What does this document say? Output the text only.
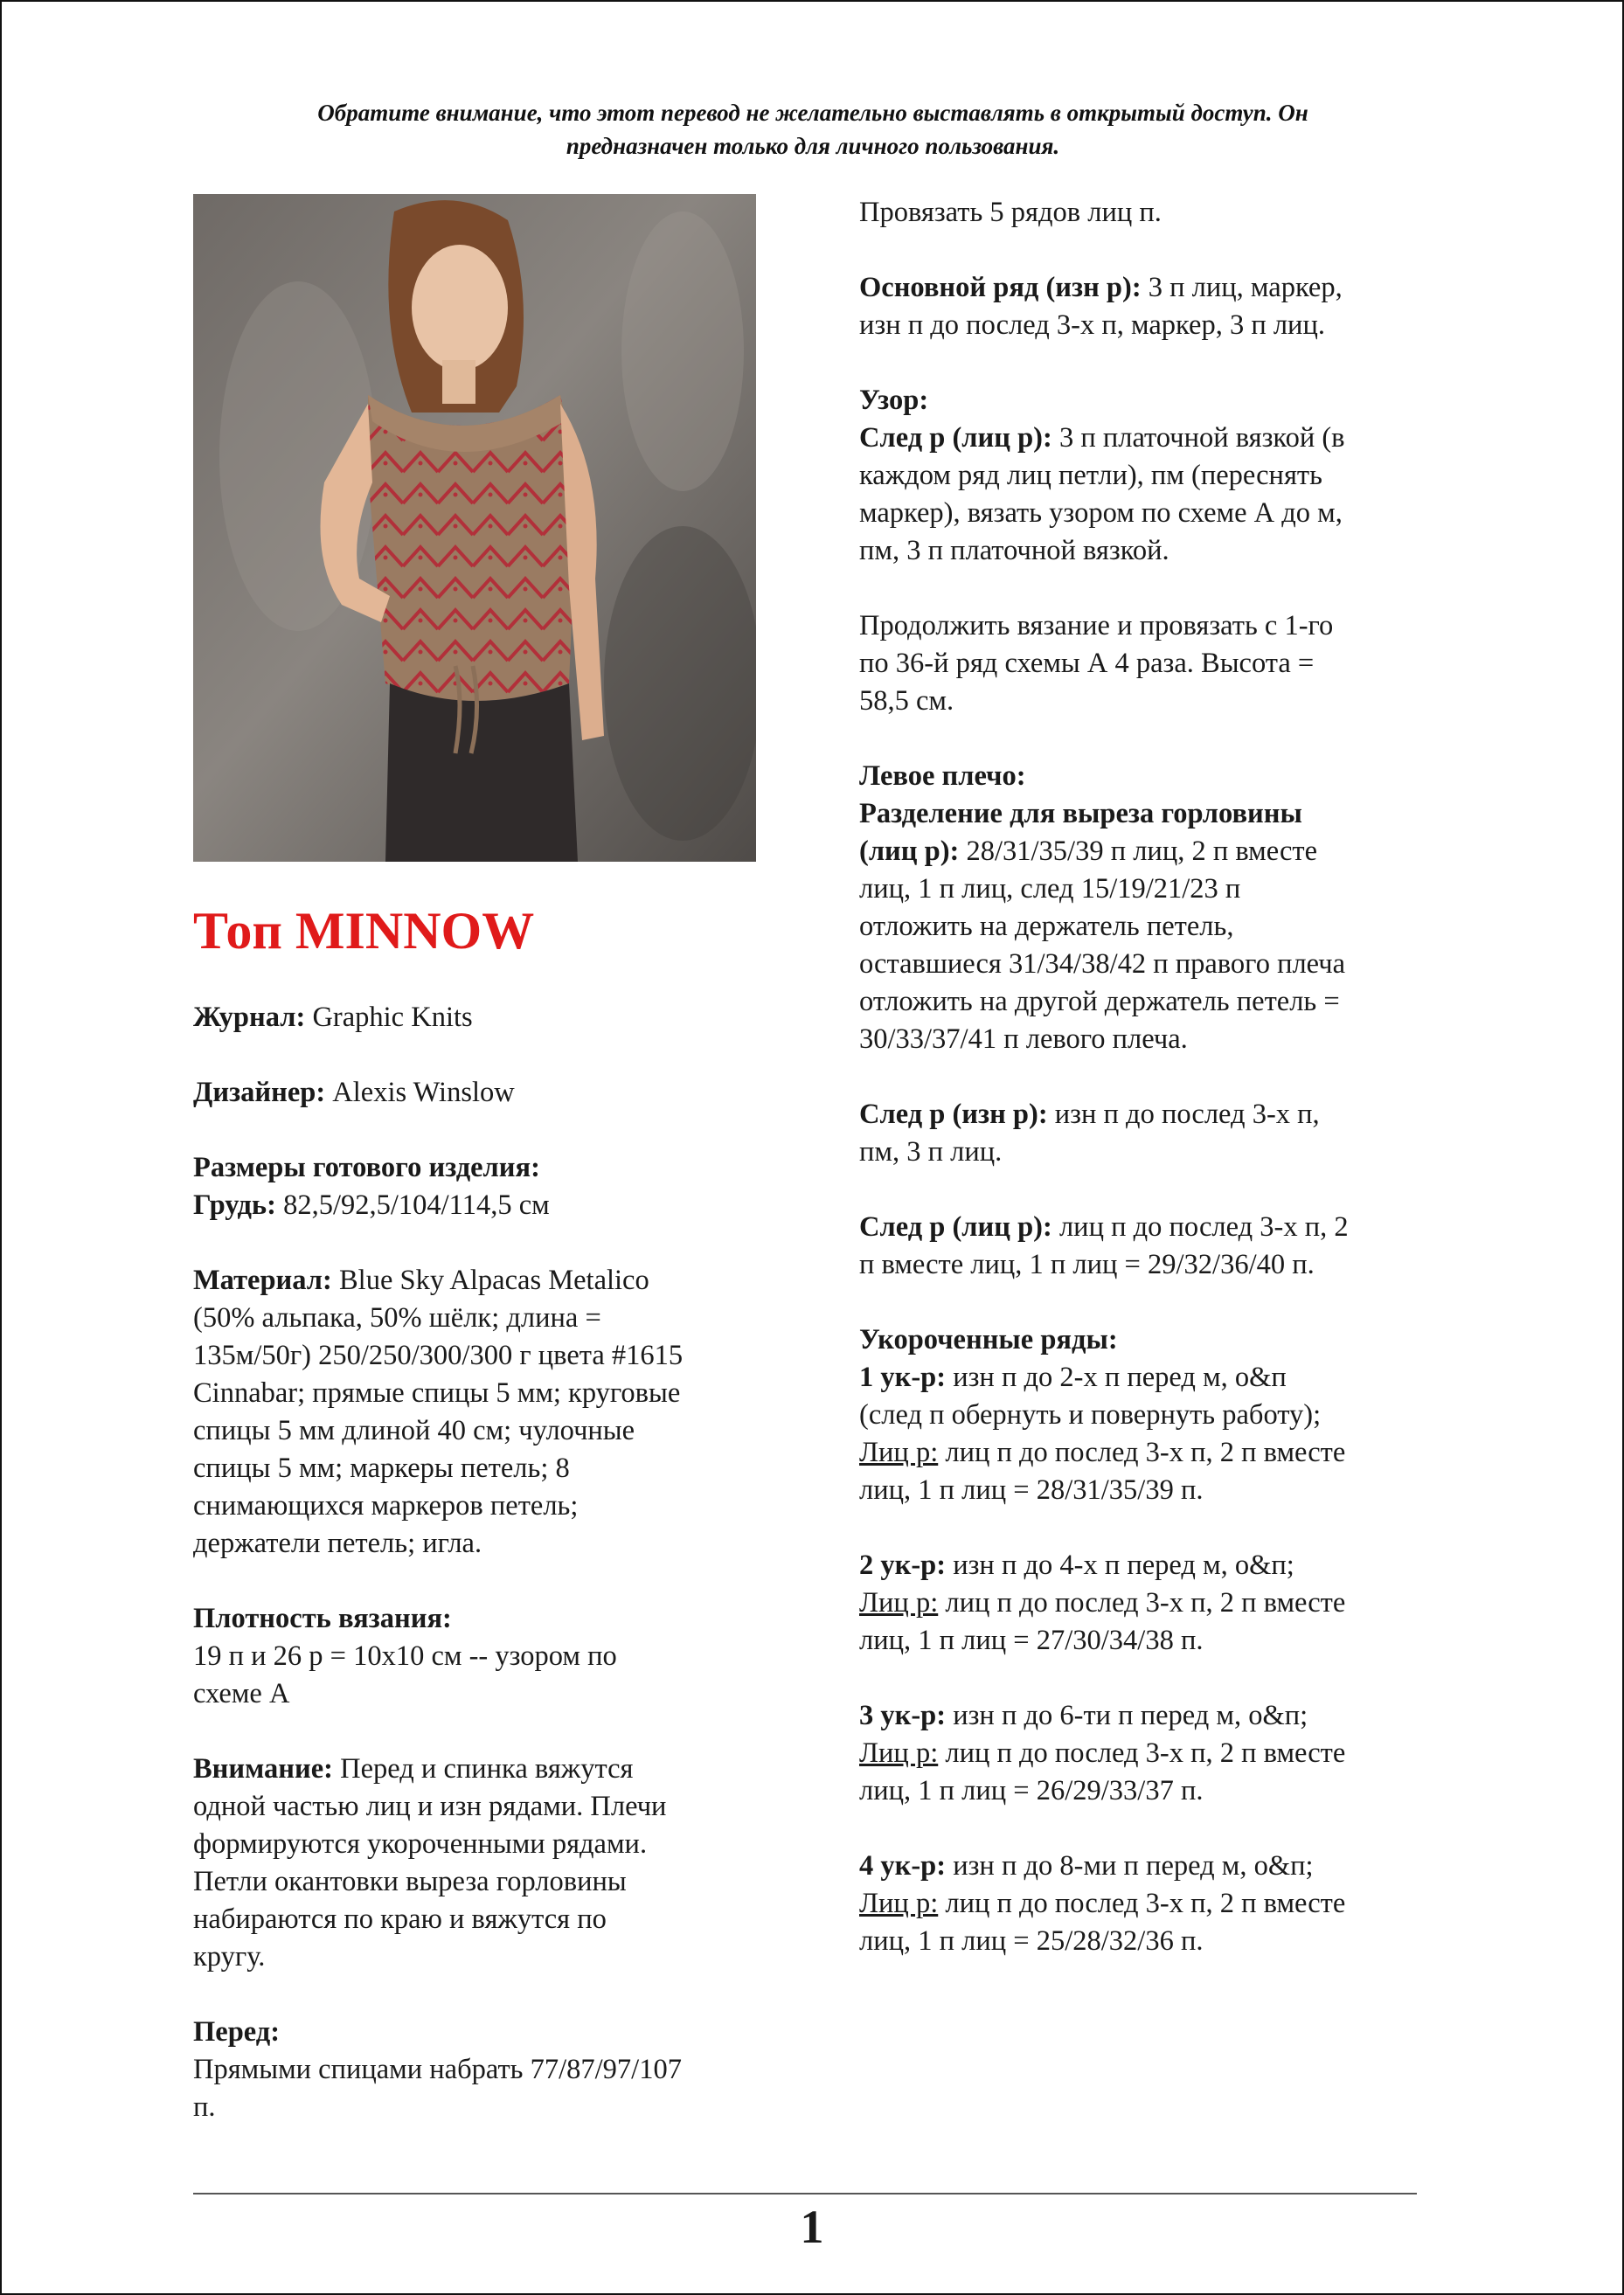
Обратите внимание, что этот перевод не желательно выставлять в открытый доступ. Он
предназначен только для личного пользования.
Топ MINNOW
Журнал: Graphic Knits
Дизайнер: Alexis Winslow
Размеры готового изделия:
Грудь: 82,5/92,5/104/114,5 см
Материал: Blue Sky Alpacas Metalico
(50% альпака, 50% шёлк; длина =
135м/50г) 250/250/300/300 г цвета #1615
Cinnabar; прямые спицы 5 мм; круговые
спицы 5 мм длиной 40 см; чулочные
спицы 5 мм; маркеры петель; 8
снимающихся маркеров петель;
держатели петель; игла.
Плотность вязания:
19 п и 26 р = 10х10 см -- узором по
схеме А
Внимание: Перед и спинка вяжутся
одной частью лиц и изн рядами. Плечи
формируются укороченными рядами.
Петли окантовки выреза горловины
набираются по краю и вяжутся по
кругу.
Перед:
Прямыми спицами набрать 77/87/97/107
п.
Провязать 5 рядов лиц п.
Основной ряд (изн р): 3 п лиц, маркер,
изн п до послед 3-х п, маркер, 3 п лиц.
Узор:
След р (лиц р): 3 п платочной вязкой (в
каждом ряд лиц петли), пм (переснять
маркер), вязать узором по схеме А до м,
пм, 3 п платочной вязкой.
Продолжить вязание и провязать с 1-го
по 36-й ряд схемы А 4 раза. Высота =
58,5 см.
Левое плечо:
Разделение для выреза горловины
(лиц р): 28/31/35/39 п лиц, 2 п вместе
лиц, 1 п лиц, след 15/19/21/23 п
отложить на держатель петель,
оставшиеся 31/34/38/42 п правого плеча
отложить на другой держатель петель =
30/33/37/41 п левого плеча.
След р (изн р): изн п до послед 3-х п,
пм, 3 п лиц.
След р (лиц р): лиц п до послед 3-х п, 2
п вместе лиц, 1 п лиц = 29/32/36/40 п.
Укороченные ряды:
1 ук-р: изн п до 2-х п перед м, о&п
(след п обернуть и повернуть работу);
Лиц р: лиц п до послед 3-х п, 2 п вместе
лиц, 1 п лиц = 28/31/35/39 п.
2 ук-р: изн п до 4-х п перед м, о&п;
Лиц р: лиц п до послед 3-х п, 2 п вместе
лиц, 1 п лиц = 27/30/34/38 п.
3 ук-р: изн п до 6-ти п перед м, о&п;
Лиц р: лиц п до послед 3-х п, 2 п вместе
лиц, 1 п лиц = 26/29/33/37 п.
4 ук-р: изн п до 8-ми п перед м, о&п;
Лиц р: лиц п до послед 3-х п, 2 п вместе
лиц, 1 п лиц = 25/28/32/36 п.
1
